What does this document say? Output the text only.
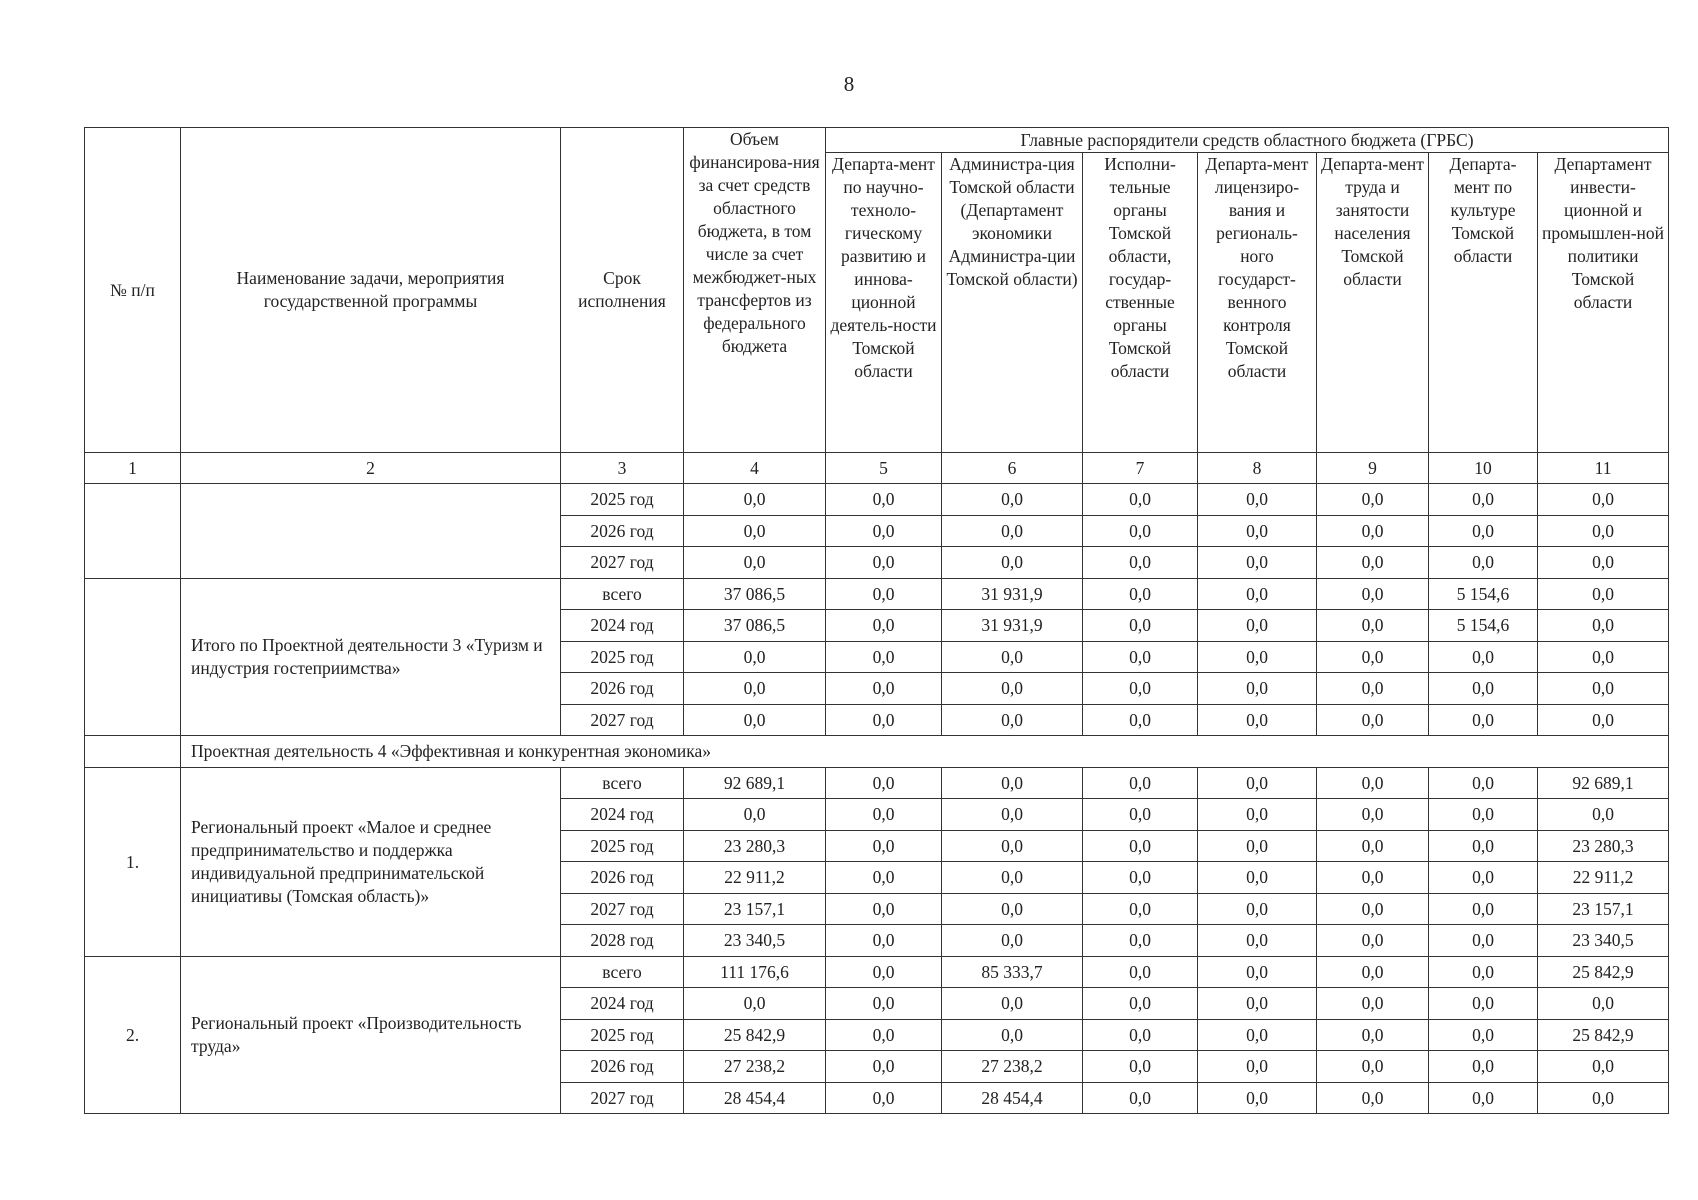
8
№ п/п	Наименование задачи, мероприятия государственной программы	Срок исполнения	Объем финансирова-ния за счет средств областного бюджета, в том числе за счет межбюджет-ных трансфертов из федерального бюджета	Главные распорядители средств областного бюджета (ГРБС)						
				Департа-мент по научно-техноло-гическому развитию и иннова-ционной деятель-ности Томской области	Администра-ция Томской области (Департамент экономики Администра-ции Томской области)	Исполни-тельные органы Томской области, государ-ственные органы Томской области	Департа-мент лицензиро-вания и региональ-ного государст-венного контроля Томской области	Департа-мент труда и занятости населения Томской области	Департа-мент по культуре Томской области	Департамент инвести-ционной и промышлен-ной политики Томской области
1	2	3	4	5	6	7	8	9	10	11
		2025 год	0,0	0,0	0,0	0,0	0,0	0,0	0,0	0,0
		2026 год	0,0	0,0	0,0	0,0	0,0	0,0	0,0	0,0
		2027 год	0,0	0,0	0,0	0,0	0,0	0,0	0,0	0,0
	Итого по Проектной деятельности 3 «Туризм и индустрия гостеприимства»	всего	37 086,5	0,0	31 931,9	0,0	0,0	0,0	5 154,6	0,0
		2024 год	37 086,5	0,0	31 931,9	0,0	0,0	0,0	5 154,6	0,0
		2025 год	0,0	0,0	0,0	0,0	0,0	0,0	0,0	0,0
		2026 год	0,0	0,0	0,0	0,0	0,0	0,0	0,0	0,0
		2027 год	0,0	0,0	0,0	0,0	0,0	0,0	0,0	0,0
	Проектная деятельность 4 «Эффективная и конкурентная экономика»									
1.	Региональный проект «Малое и среднее предпринимательство и поддержка индивидуальной предпринимательской инициативы (Томская область)»	всего	92 689,1	0,0	0,0	0,0	0,0	0,0	0,0	92 689,1
		2024 год	0,0	0,0	0,0	0,0	0,0	0,0	0,0	0,0
		2025 год	23 280,3	0,0	0,0	0,0	0,0	0,0	0,0	23 280,3
		2026 год	22 911,2	0,0	0,0	0,0	0,0	0,0	0,0	22 911,2
		2027 год	23 157,1	0,0	0,0	0,0	0,0	0,0	0,0	23 157,1
		2028 год	23 340,5	0,0	0,0	0,0	0,0	0,0	0,0	23 340,5
2.	Региональный проект «Производительность труда»	всего	111 176,6	0,0	85 333,7	0,0	0,0	0,0	0,0	25 842,9
		2024 год	0,0	0,0	0,0	0,0	0,0	0,0	0,0	0,0
		2025 год	25 842,9	0,0	0,0	0,0	0,0	0,0	0,0	25 842,9
		2026 год	27 238,2	0,0	27 238,2	0,0	0,0	0,0	0,0	0,0
		2027 год	28 454,4	0,0	28 454,4	0,0	0,0	0,0	0,0	0,0
